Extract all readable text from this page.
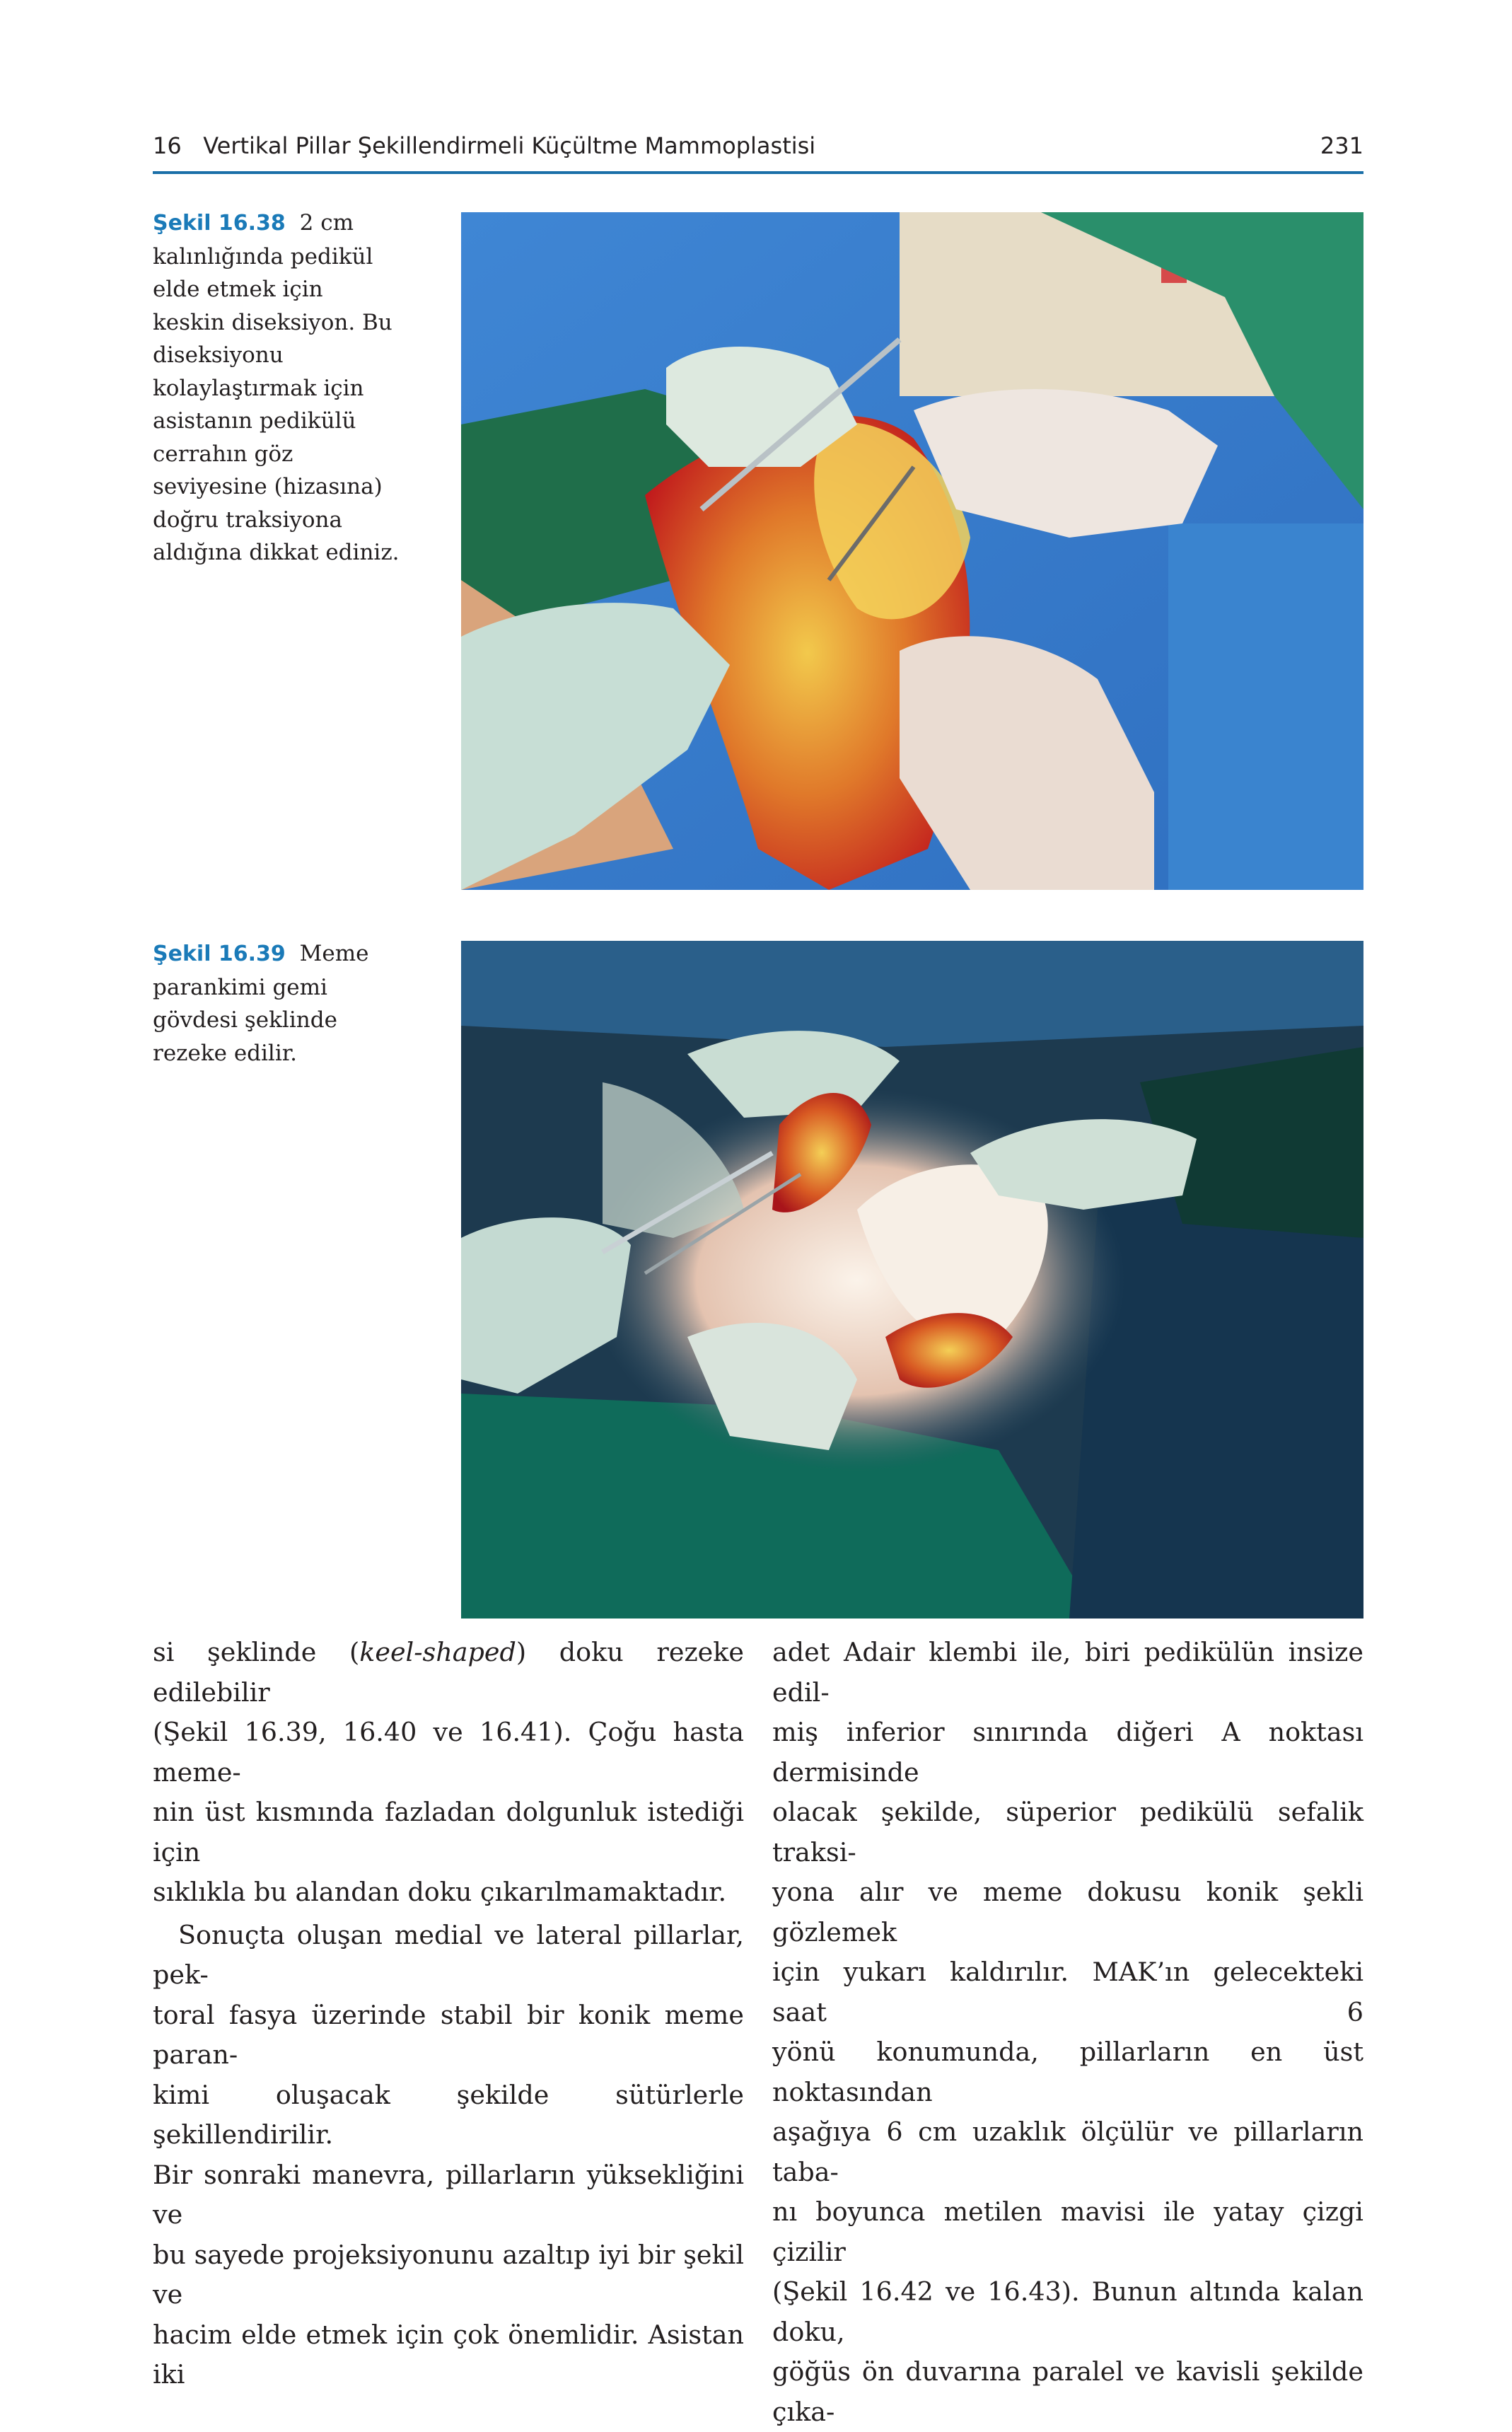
16 Vertikal Pillar Şekillendirmeli Küçültme Mammoplastisi	231
Şekil 16.38 2 cm kalınlığında pedikül elde etmek için keskin diseksiyon. Bu diseksiyonu kolaylaştırmak için asistanın pedikülü cerrahın göz seviyesine (hizasına) doğru traksiyona aldığına dikkat ediniz.
Şekil 16.39 Meme parankimi gemi gövdesi şeklinde rezeke edilir.

si şeklinde (keel-shaped) doku rezeke edilebilir

(Şekil 16.39, 16.40 ve 16.41). Çoğu hasta meme-

nin üst kısmında fazladan dolgunluk istediği için

sıklıkla bu alandan doku çıkarılmamaktadır.

Sonuçta oluşan medial ve lateral pillarlar, pek-

toral fasya üzerinde stabil bir konik meme paran-

kimi oluşacak şekilde sütürlerle şekillendirilir.

Bir sonraki manevra, pillarların yüksekliğini ve

bu sayede projeksiyonunu azaltıp iyi bir şekil ve

hacim elde etmek için çok önemlidir. Asistan iki

adet Adair klembi ile, biri pedikülün insize edil-

miş inferior sınırında diğeri A noktası dermisinde

olacak şekilde, süperior pedikülü sefalik traksi-

yona alır ve meme dokusu konik şekli gözlemek

için yukarı kaldırılır. MAK’ın gelecekteki saat 6

yönü konumunda, pillarların en üst noktasından

aşağıya 6 cm uzaklık ölçülür ve pillarların taba-

nı boyunca metilen mavisi ile yatay çizgi çizilir

(Şekil 16.42 ve 16.43). Bunun altında kalan doku,

göğüs ön duvarına paralel ve kavisli şekilde çıka-
